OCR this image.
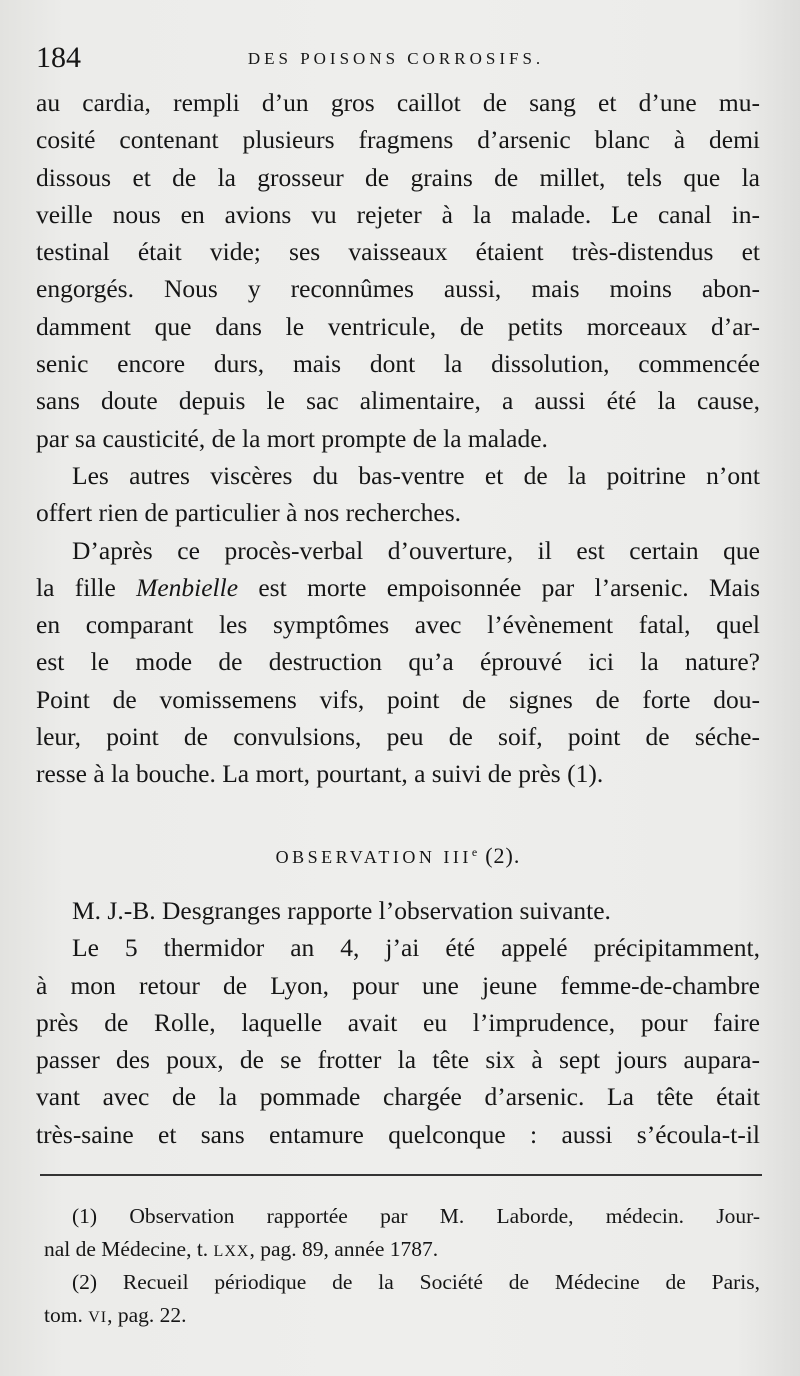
184	DES POISONS CORROSIFS.

au cardia, rempli d’un gros caillot de sang et d’une mu-
cosité contenant plusieurs fragmens d’arsenic blanc à demi
dissous et de la grosseur de grains de millet, tels que la
veille nous en avions vu rejeter à la malade. Le canal in-
testinal était vide; ses vaisseaux étaient très-distendus et
engorgés. Nous y reconnûmes aussi, mais moins abon-
damment que dans le ventricule, de petits morceaux d’ar-
senic encore durs, mais dont la dissolution, commencée
sans doute depuis le sac alimentaire, a aussi été la cause,
par sa causticité, de la mort prompte de la malade.

Les autres viscères du bas-ventre et de la poitrine n’ont
offert rien de particulier à nos recherches.

D’après ce procès-verbal d’ouverture, il est certain que
la fille Menbielle est morte empoisonnée par l’arsenic. Mais
en comparant les symptômes avec l’évènement fatal, quel
est le mode de destruction qu’a éprouvé ici la nature?
Point de vomissemens vifs, point de signes de forte dou-
leur, point de convulsions, peu de soif, point de séche-
resse à la bouche. La mort, pourtant, a suivi de près (1).

OBSERVATION IIIe (2).

M. J.-B. Desgranges rapporte l’observation suivante.

Le 5 thermidor an 4, j’ai été appelé précipitamment,
à mon retour de Lyon, pour une jeune femme-de-chambre
près de Rolle, laquelle avait eu l’imprudence, pour faire
passer des poux, de se frotter la tête six à sept jours aupara-
vant avec de la pommade chargée d’arsenic. La tête était
très-saine et sans entamure quelconque : aussi s’écoula-t-il

(1) Observation rapportée par M. Laborde, médecin. Jour-
nal de Médecine, t. LXX, pag. 89, année 1787.
(2) Recueil périodique de la Société de Médecine de Paris,
tom. VI, pag. 22.
